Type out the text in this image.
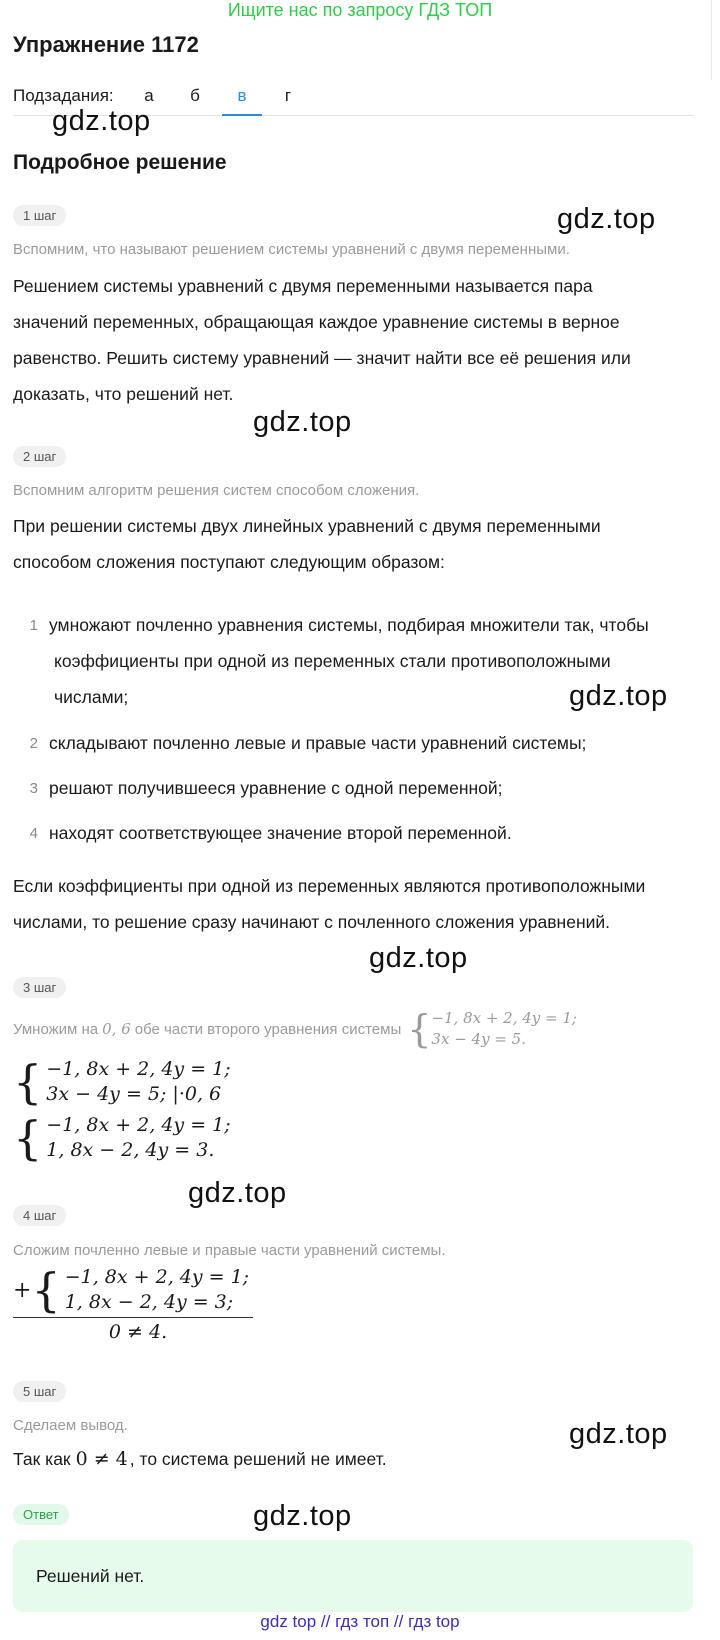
Ищите нас по запросу ГДЗ ТОП
Упражнение 1172
Подзадания:	а	б	в	г
gdz.top
Подробное решение
1 шаг	gdz.top
Вспомним, что называют решением системы уравнений с двумя переменными.
Решением системы уравнений с двумя переменными называется пара
значений переменных, обращающая каждое уравнение системы в верное
равенство. Решить систему уравнений — значит найти все её решения или
доказать, что решений нет.
gdz.top
2 шаг
Вспомним алгоритм решения систем способом сложения.
При решении системы двух линейных уравнений с двумя переменными
способом сложения поступают следующим образом:
1 умножают почленно уравнения системы, подбирая множители так, чтобы
коэффициенты при одной из переменных стали противоположными
числами;	gdz.top
2 складывают почленно левые и правые части уравнений системы;
3 решают получившееся уравнение с одной переменной;
4 находят соответствующее значение второй переменной.
Если коэффициенты при одной из переменных являются противоположными
числами, то решение сразу начинают с почленного сложения уравнений.
gdz.top
3 шаг
Умножим на 0, 6 обе части второго уравнения системы { −1, 8x + 2, 4y = 1;
3x − 4y = 5.
{ −1, 8x + 2, 4y = 1;
3x − 4y = 5; |·0, 6
{ −1, 8x + 2, 4y = 1;
1, 8x − 2, 4y = 3.
gdz.top
4 шаг
Сложим почленно левые и правые части уравнений системы.
+ { −1, 8x + 2, 4y = 1;
1, 8x − 2, 4y = 3;
0 ≠ 4.
5 шаг
Сделаем вывод.	gdz.top
Так как 0 ≠ 4 , то система решений не имеет.
Ответ	gdz.top
Решений нет.
gdz top // гдз топ // гдз top
